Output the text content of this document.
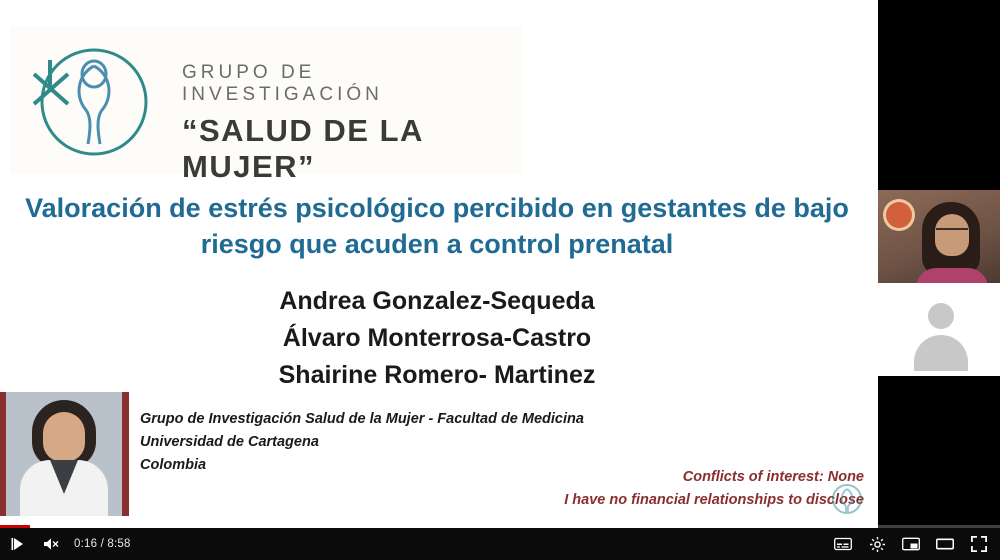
GRUPO DE INVESTIGACIÓN
“SALUD DE LA MUJER”
Valoración de estrés psicológico percibido en gestantes de bajo riesgo que acuden a control prenatal
Andrea Gonzalez-Sequeda
Álvaro Monterrosa-Castro
Shairine Romero- Martinez
Grupo de Investigación Salud de la Mujer - Facultad de Medicina
Universidad de Cartagena
Colombia
Conflicts of interest: None
I have no financial relationships to disclose
0:16 / 8:58
